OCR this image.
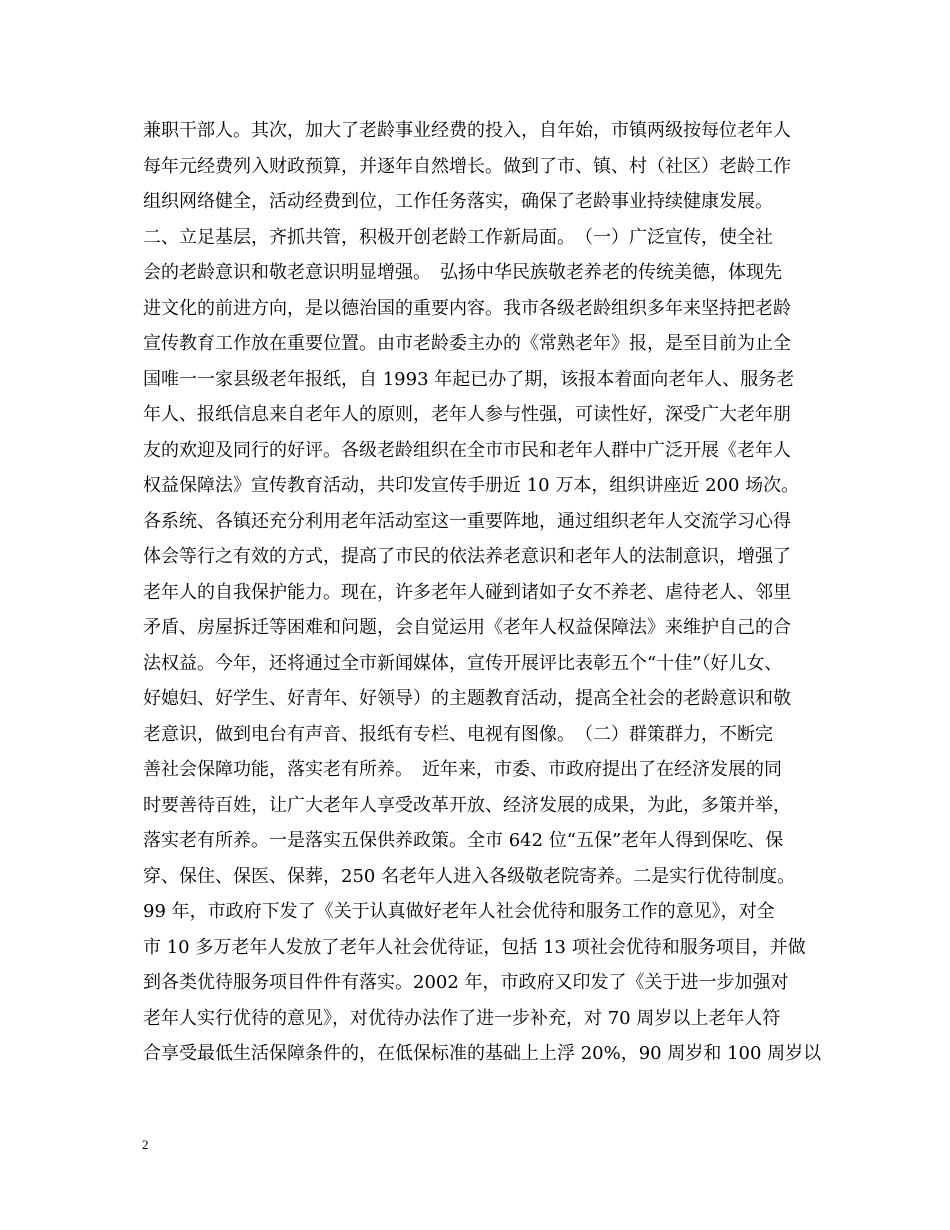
兼职干部人。其次，加大了老龄事业经费的投入，自年始，市镇两级按每位老年人
每年元经费列入财政预算，并逐年自然增长。做到了市、镇、村（社区）老龄工作
组织网络健全，活动经费到位，工作任务落实，确保了老龄事业持续健康发展。
二、立足基层，齐抓共管，积极开创老龄工作新局面。　（一）广泛宣传，使全社
会的老龄意识和敬老意识明显增强。　弘扬中华民族敬老养老的传统美德，体现先
进文化的前进方向，是以德治国的重要内容。我市各级老龄组织多年来坚持把老龄
宣传教育工作放在重要位置。由市老龄委主办的《常熟老年》报，是至目前为止全
国唯一一家县级老年报纸，自 1993 年起已办了期，该报本着面向老年人、服务老
年人、报纸信息来自老年人的原则，老年人参与性强，可读性好，深受广大老年朋
友的欢迎及同行的好评。各级老龄组织在全市市民和老年人群中广泛开展《老年人
权益保障法》宣传教育活动，共印发宣传手册近 10 万本，组织讲座近 200 场次。
各系统、各镇还充分利用老年活动室这一重要阵地，通过组织老年人交流学习心得
体会等行之有效的方式，提高了市民的依法养老意识和老年人的法制意识，增强了
老年人的自我保护能力。现在，许多老年人碰到诸如子女不养老、虐待老人、邻里
矛盾、房屋拆迁等困难和问题，会自觉运用《老年人权益保障法》来维护自己的合
法权益。今年，还将通过全市新闻媒体，宣传开展评比表彰五个“十佳”（好儿女、
好媳妇、好学生、好青年、好领导）的主题教育活动，提高全社会的老龄意识和敬
老意识，做到电台有声音、报纸有专栏、电视有图像。　（二）群策群力，不断完
善社会保障功能，落实老有所养。　近年来，市委、市政府提出了在经济发展的同
时要善待百姓，让广大老年人享受改革开放、经济发展的成果，为此，多策并举，
落实老有所养。一是落实五保供养政策。全市 642 位“五保”老年人得到保吃、保
穿、保住、保医、保葬，250 名老年人进入各级敬老院寄养。二是实行优待制度。
99 年，市政府下发了《关于认真做好老年人社会优待和服务工作的意见》，对全
市 10 多万老年人发放了老年人社会优待证，包括 13 项社会优待和服务项目，并做
到各类优待服务项目件件有落实。2002 年，市政府又印发了《关于进一步加强对
老年人实行优待的意见》，对优待办法作了进一步补充，对 70 周岁以上老年人符
合享受最低生活保障条件的，在低保标准的基础上上浮 20%，90 周岁和 100 周岁以
2
